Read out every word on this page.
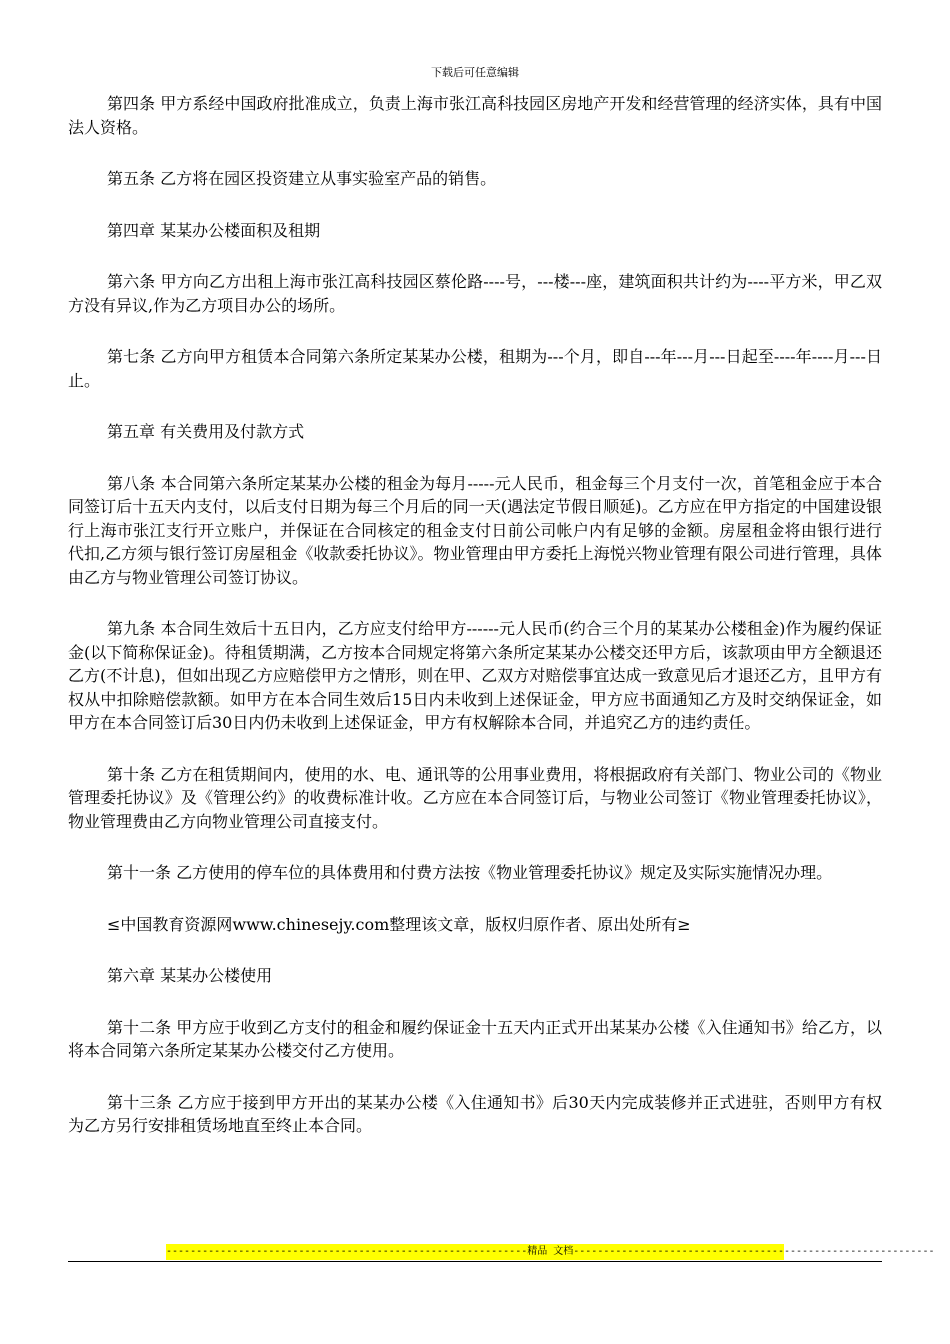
下载后可任意编辑

第四条 甲方系经中国政府批准成立，负责上海市张江高科技园区房地产开发和经营管理的经济实体，具有中国法人资格。

第五条 乙方将在园区投资建立从事实验室产品的销售。

第四章 某某办公楼面积及租期

第六条 甲方向乙方出租上海市张江高科技园区蔡伦路----号，---楼---座，建筑面积共计约为----平方米，甲乙双方没有异议,作为乙方项目办公的场所。

第七条 乙方向甲方租赁本合同第六条所定某某办公楼，租期为---个月，即自---年---月---日起至----年----月---日止。

第五章 有关费用及付款方式

第八条 本合同第六条所定某某办公楼的租金为每月-----元人民币，租金每三个月支付一次，首笔租金应于本合同签订后十五天内支付，以后支付日期为每三个月后的同一天(遇法定节假日顺延)。乙方应在甲方指定的中国建设银行上海市张江支行开立账户，并保证在合同核定的租金支付日前公司帐户内有足够的金额。房屋租金将由银行进行代扣,乙方须与银行签订房屋租金《收款委托协议》。物业管理由甲方委托上海悦兴物业管理有限公司进行管理，具体由乙方与物业管理公司签订协议。

第九条 本合同生效后十五日内，乙方应支付给甲方------元人民币(约合三个月的某某办公楼租金)作为履约保证金(以下简称保证金)。待租赁期满，乙方按本合同规定将第六条所定某某办公楼交还甲方后，该款项由甲方全额退还乙方(不计息)，但如出现乙方应赔偿甲方之情形，则在甲、乙双方对赔偿事宜达成一致意见后才退还乙方，且甲方有权从中扣除赔偿款额。如甲方在本合同生效后15日内未收到上述保证金，甲方应书面通知乙方及时交纳保证金，如甲方在本合同签订后30日内仍未收到上述保证金，甲方有权解除本合同，并追究乙方的违约责任。

第十条 乙方在租赁期间内，使用的水、电、通讯等的公用事业费用，将根据政府有关部门、物业公司的《物业管理委托协议》及《管理公约》的收费标准计收。乙方应在本合同签订后，与物业公司签订《物业管理委托协议》，物业管理费由乙方向物业管理公司直接支付。

第十一条 乙方使用的停车位的具体费用和付费方法按《物业管理委托协议》规定及实际实施情况办理。

≤中国教育资源网www.chinesejy.com整理该文章，版权归原作者、原出处所有≥

第六章 某某办公楼使用

第十二条 甲方应于收到乙方支付的租金和履约保证金十五天内正式开出某某办公楼《入住通知书》给乙方，以将本合同第六条所定某某办公楼交付乙方使用。

第十三条 乙方应于接到甲方开出的某某办公楼《入住通知书》后30天内完成装修并正式进驻，否则甲方有权为乙方另行安排租赁场地直至终止本合同。

------------------------------------------------------------精品 文档------------------------------------------------------------
